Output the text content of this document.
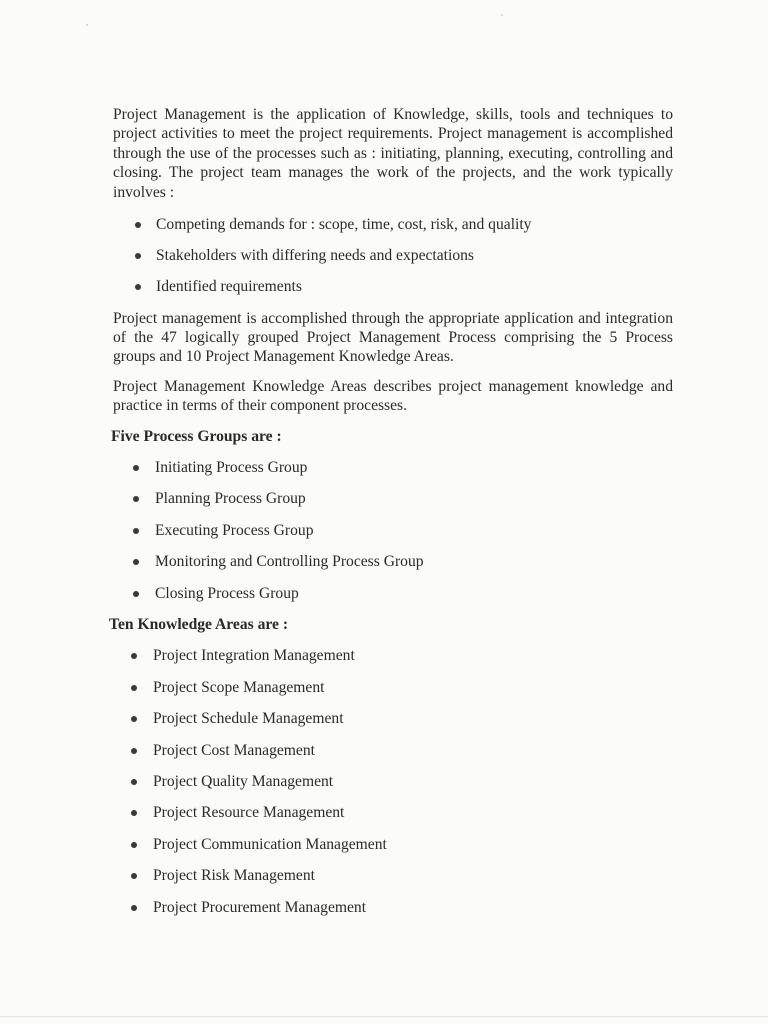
Project Management is the application of Knowledge, skills, tools and techniques to project activities to meet the project requirements. Project management is accomplished through the use of the processes such as : initiating, planning, executing, controlling and closing. The project team manages the work of the projects, and the work typically involves :

Competing demands for : scope, time, cost, risk, and quality
Stakeholders with differing needs and expectations
Identified requirements

Project management is accomplished through the appropriate application and integration of the 47 logically grouped Project Management Process comprising the 5 Process groups and 10 Project Management Knowledge Areas.

Project Management Knowledge Areas describes project management knowledge and practice in terms of their component processes.

Five Process Groups are :
Initiating Process Group
Planning Process Group
Executing Process Group
Monitoring and Controlling Process Group
Closing Process Group
Ten Knowledge Areas are :
Project Integration Management
Project Scope Management
Project Schedule Management
Project Cost Management
Project Quality Management
Project Resource Management
Project Communication Management
Project Risk Management
Project Procurement Management
